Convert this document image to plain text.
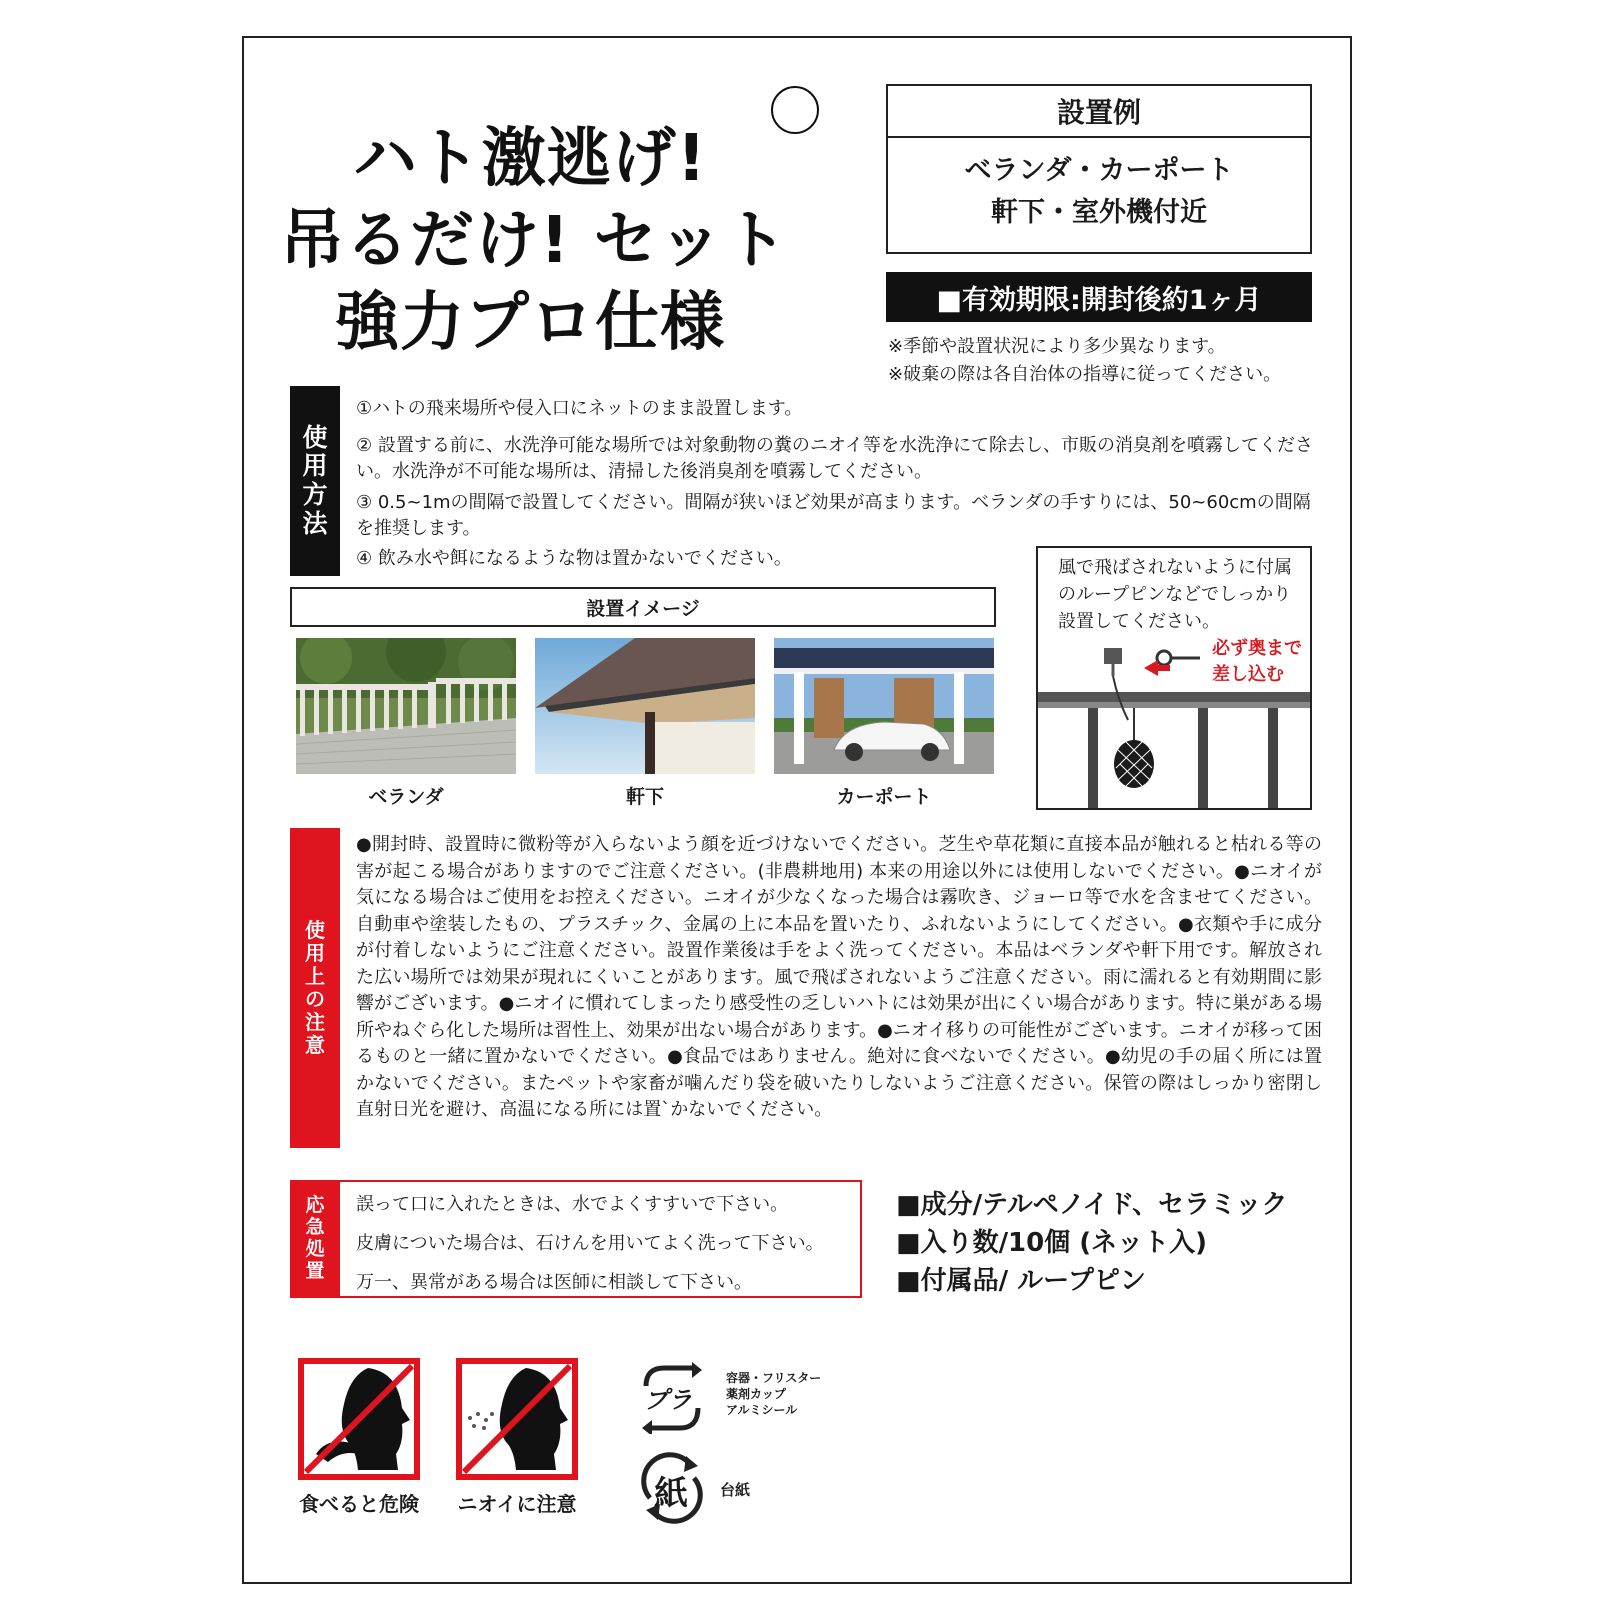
ハト激逃げ!
吊るだけ! セット
強力プロ仕様
設置例
ベランダ・カーポート
軒下・室外機付近
■有効期限:開封後約1ヶ月
※季節や設置状況により多少異なります。
※破棄の際は各自治体の指導に従ってください。
使
用
方
法
①ハトの飛来場所や侵入口にネットのまま設置します。
② 設置する前に、水洗浄可能な場所では対象動物の糞のニオイ等を水洗浄にて除去し、市販の消臭剤を噴霧してください。水洗浄が不可能な場所は、清掃した後消臭剤を噴霧してください。
③ 0.5~1mの間隔で設置してください。間隔が狭いほど効果が高まります。ベランダの手すりには、50~60cmの間隔を推奨します。
④ 飲み水や餌になるような物は置かないでください。
設置イメージ
ベランダ	軒下	カーポート
風で飛ばされないように付属のループピンなどでしっかり設置してください。
必ず奥まで
差し込む
使
用
上
の
注
意
●開封時、設置時に微粉等が入らないよう顔を近づけないでください。芝生や草花類に直接本品が触れると枯れる等の害が起こる場合がありますのでご注意ください。(非農耕地用) 本来の用途以外には使用しないでください。●ニオイが気になる場合はご使用をお控えください。ニオイが少なくなった場合は霧吹き、ジョーロ等で水を含ませてください。自動車や塗装したもの、プラスチック、金属の上に本品を置いたり、ふれないようにしてください。●衣類や手に成分が付着しないようにご注意ください。設置作業後は手をよく洗ってください。本品はベランダや軒下用です。解放された広い場所では効果が現れにくいことがあります。風で飛ばされないようご注意ください。雨に濡れると有効期間に影響がございます。●ニオイに慣れてしまったり感受性の乏しいハトには効果が出にくい場合があります。特に巣がある場所やねぐら化した場所は習性上、効果が出ない場合があります。●ニオイ移りの可能性がございます。ニオイが移って困るものと一緒に置かないでください。●食品ではありません。絶対に食べないでください。●幼児の手の届く所には置かないでください。またペットや家畜が噛んだり袋を破いたりしないようご注意ください。保管の際はしっかり密閉し直射日光を避け、高温になる所には置`かないでください。
応
急
処
置
誤って口に入れたときは、水でよくすすいで下さい。
皮膚についた場合は、石けんを用いてよく洗って下さい。
万一、異常がある場合は医師に相談して下さい。
■成分/テルペノイド、セラミック
■入り数/10個 (ネット入)
■付属品/ ループピン
食べると危険	ニオイに注意
プラ
容器・フリスター
薬剤カップ
アルミシール
紙 台紙
